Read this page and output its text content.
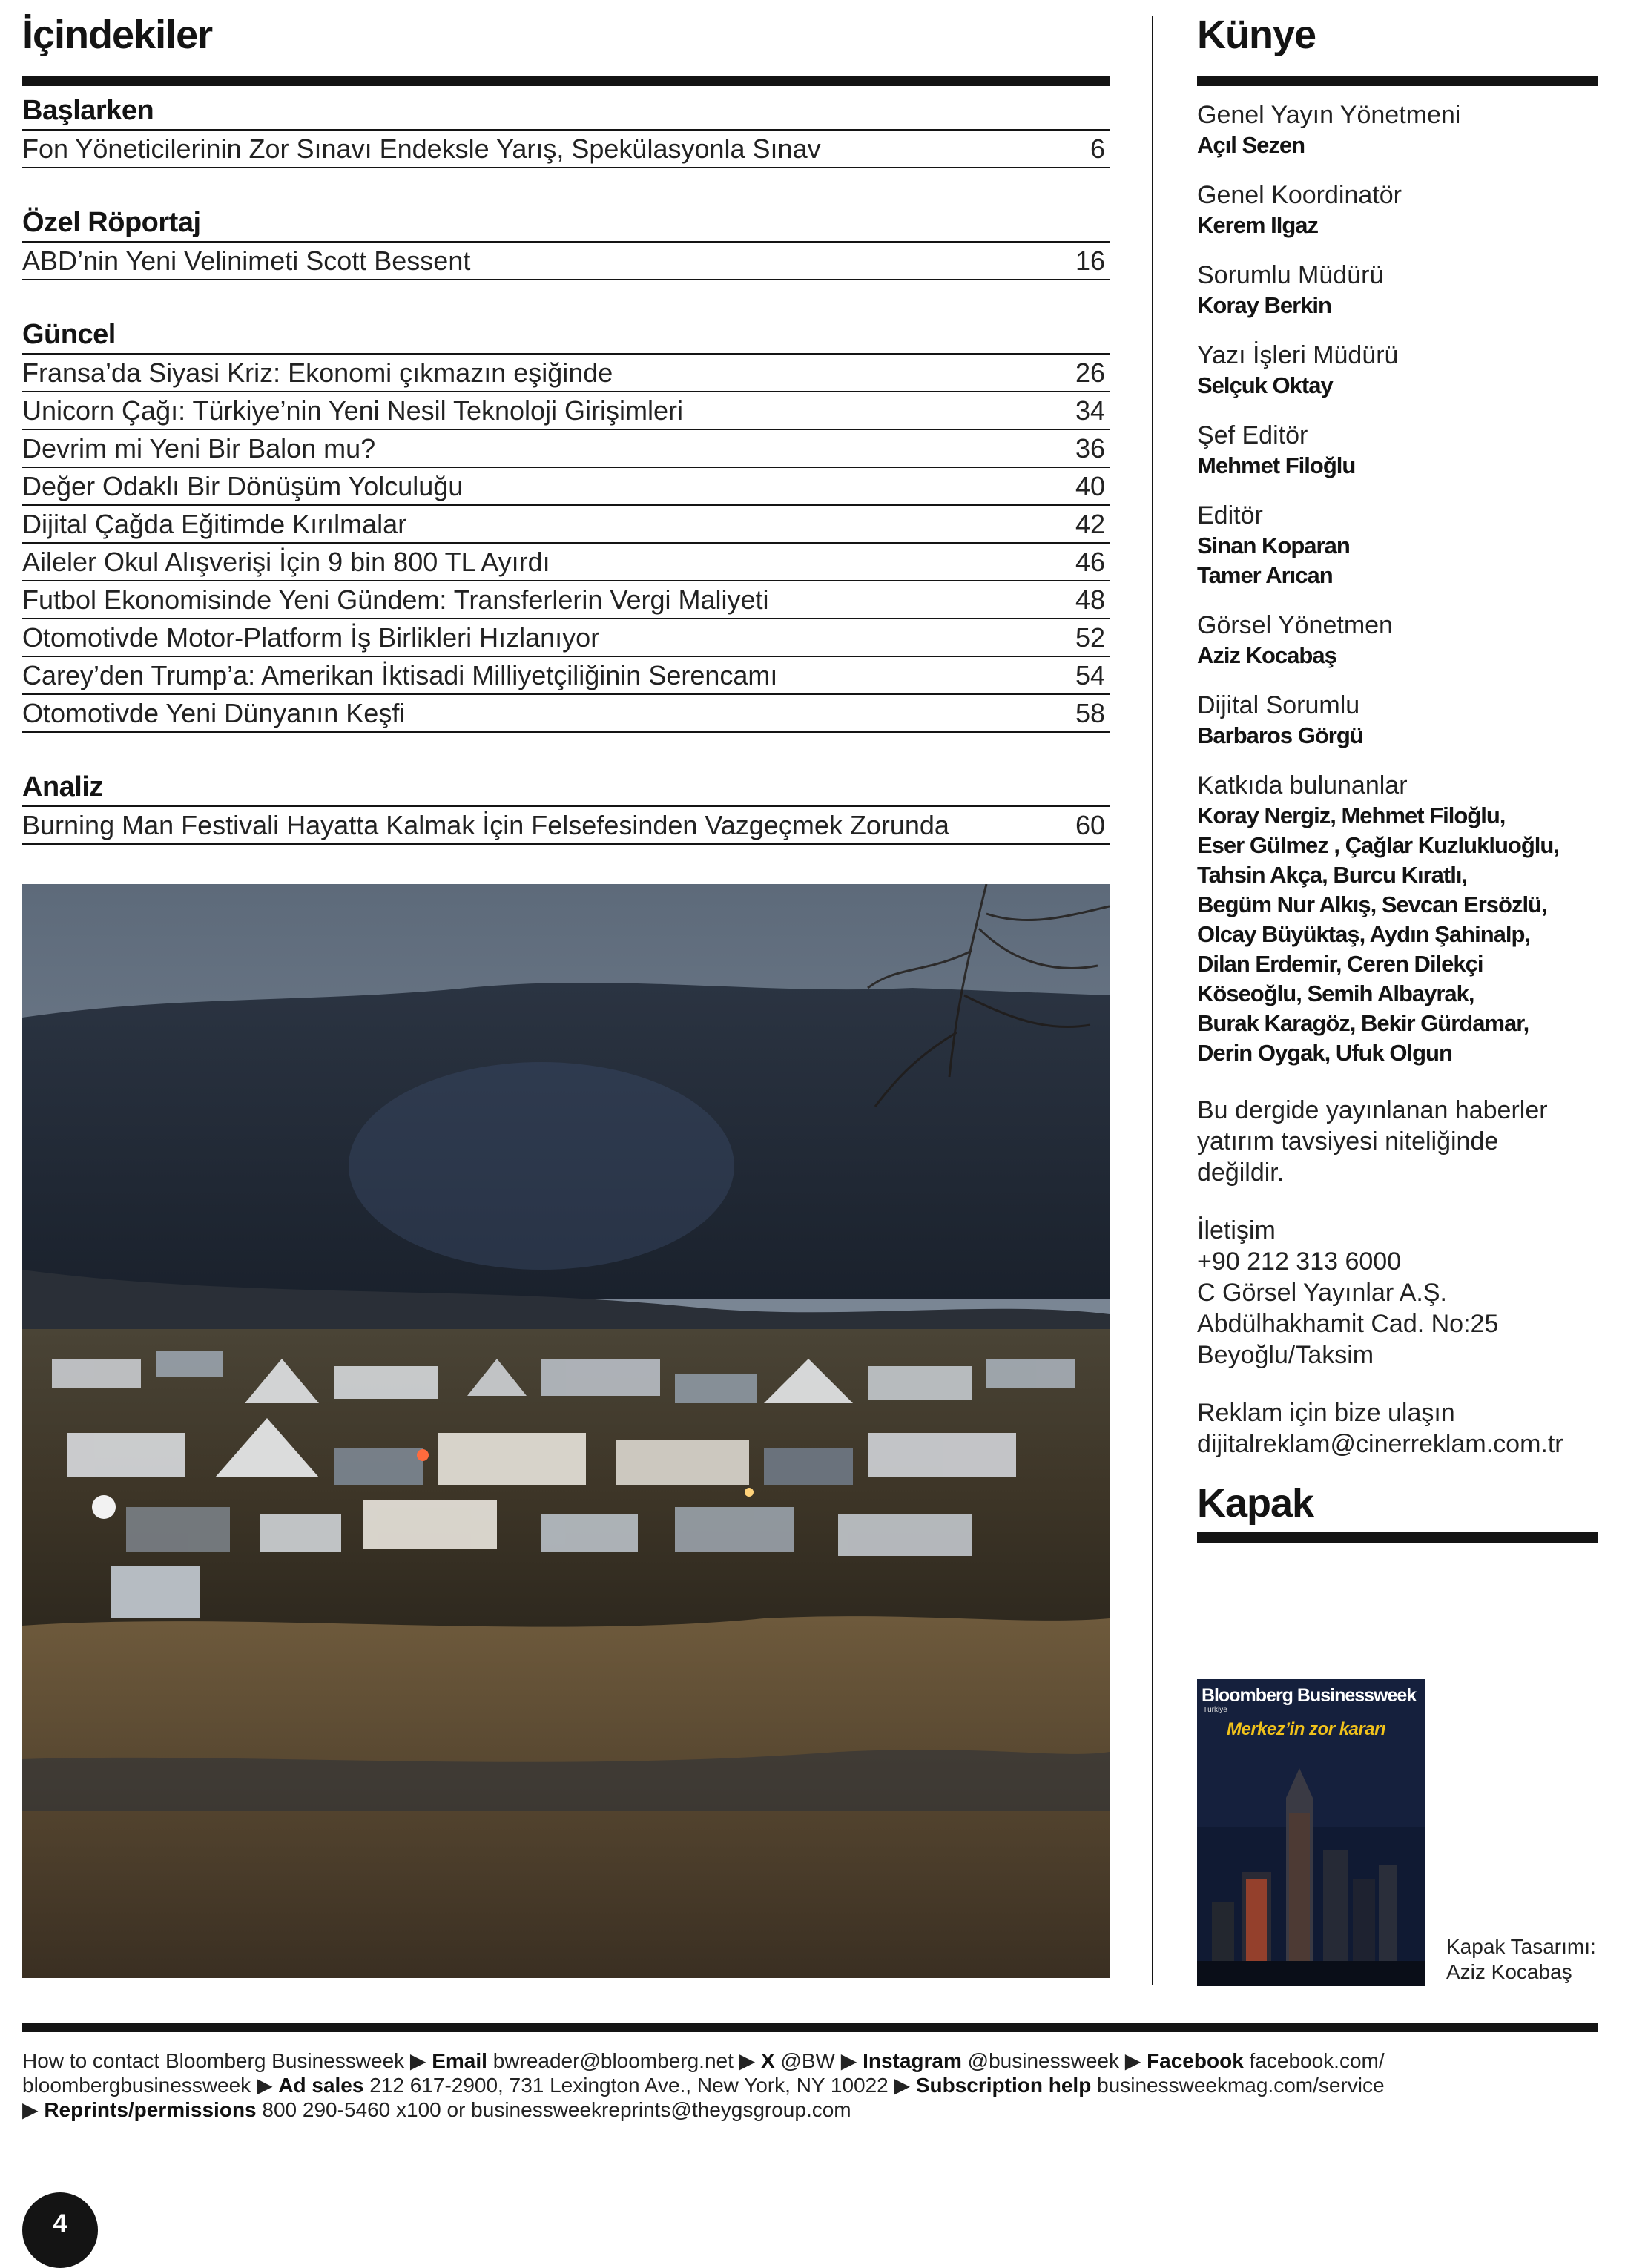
İçindekiler
Başlarken
Fon Yöneticilerinin Zor Sınavı Endeksle Yarış, Spekülasyonla Sınav	6
Özel Röportaj
ABD’nin Yeni Velinimeti Scott Bessent	16
Güncel
Fransa’da Siyasi Kriz: Ekonomi çıkmazın eşiğinde	26
Unicorn Çağı: Türkiye’nin Yeni Nesil Teknoloji Girişimleri	34
Devrim mi Yeni Bir Balon mu?	36
Değer Odaklı Bir Dönüşüm Yolculuğu	40
Dijital Çağda Eğitimde Kırılmalar	42
Aileler Okul Alışverişi İçin 9 bin 800 TL Ayırdı	46
Futbol Ekonomisinde Yeni Gündem: Transferlerin Vergi Maliyeti	48
Otomotivde Motor-Platform İş Birlikleri Hızlanıyor	52
Carey’den Trump’a: Amerikan İktisadi Milliyetçiliğinin Serencamı	54
Otomotivde Yeni Dünyanın Keşfi	58
Analiz
Burning Man Festivali Hayatta Kalmak İçin Felsefesinden Vazgeçmek Zorunda	60
Künye
Genel Yayın Yönetmeni
Açıl Sezen
Genel Koordinatör
Kerem Ilgaz
Sorumlu Müdürü
Koray Berkin
Yazı İşleri Müdürü
Selçuk Oktay
Şef Editör
Mehmet Filoğlu
Editör
Sinan Koparan
Tamer Arıcan
Görsel Yönetmen
Aziz Kocabaş
Dijital Sorumlu
Barbaros Görgü
Katkıda bulunanlar
Koray Nergiz, Mehmet Filoğlu,
Eser Gülmez , Çağlar Kuzlukluoğlu,
Tahsin Akça, Burcu Kıratlı,
Begüm Nur Alkış, Sevcan Ersözlü,
Olcay Büyüktaş, Aydın Şahinalp,
Dilan Erdemir, Ceren Dilekçi
Köseoğlu, Semih Albayrak,
Burak Karagöz, Bekir Gürdamar,
Derin Oygak, Ufuk Olgun
Bu dergide yayınlanan haberler
yatırım tavsiyesi niteliğinde
değildir.
İletişim
+90 212 313 6000
C Görsel Yayınlar A.Ş.
Abdülhakhamit Cad. No:25
Beyoğlu/Taksim
Reklam için bize ulaşın
dijitalreklam@cinerreklam.com.tr
Kapak
Bloomberg Businessweek
Türkiye
Merkez’in zor kararı
Kapak Tasarımı:
Aziz Kocabaş
How to contact Bloomberg Businessweek ▶ Email bwreader@bloomberg.net ▶ X @BW ▶ Instagram @businessweek ▶ Facebook facebook.com/
bloombergbusinessweek ▶ Ad sales 212 617-2900, 731 Lexington Ave., New York, NY 10022 ▶ Subscription help businessweekmag.com/service
▶ Reprints/permissions 800 290-5460 x100 or businessweekreprints@theygsgroup.com
4
